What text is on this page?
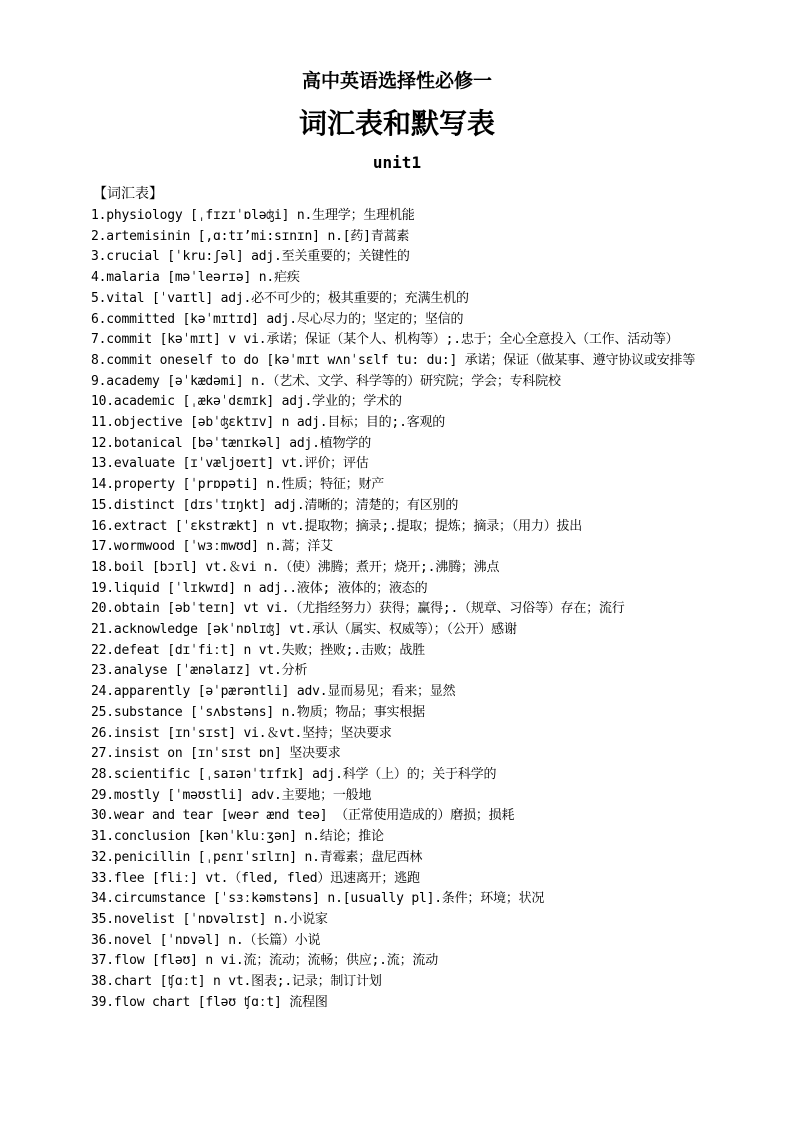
高中英语选择性必修一
词汇表和默写表
unit1
【词汇表】
1.physiology [ˌfɪzɪˈɒləʤi] n.生理学；生理机能
2.artemisinin [,ɑ:tɪ’mi:sɪnɪn] n.[药]青蒿素
3.crucial [ˈkru:ʃəl] adj.至关重要的；关键性的
4.malaria [məˈleərɪə] n.疟疾
5.vital [ˈvaɪtl] adj.必不可少的；极其重要的；充满生机的
6.committed [kəˈmɪtɪd] adj.尽心尽力的；坚定的；坚信的
7.commit [kəˈmɪt] v vi.承诺；保证（某个人、机构等）;.忠于；全心全意投入（工作、活动等）
8.commit oneself to do [kəˈmɪt wʌnˈsɛlf tu: du:] 承诺；保证（做某事、遵守协议或安排等
9.academy [əˈkædəmi] n.（艺术、文学、科学等的）研究院；学会；专科院校
10.academic [ˌækəˈdɛmɪk] adj.学业的；学术的
11.objective [əbˈʤɛktɪv] n adj.目标；目的;.客观的
12.botanical [bəˈtænɪkəl] adj.植物学的
13.evaluate [ɪˈvæljʊeɪt] vt.评价；评估
14.property [ˈprɒpəti] n.性质；特征；财产
15.distinct [dɪsˈtɪŋkt] adj.清晰的；清楚的；有区别的
16.extract [ˈɛkstrækt] n vt.提取物；摘录;.提取；提炼；摘录；（用力）拔出
17.wormwood [ˈwɜːmwʊd] n.蒿；洋艾
18.boil [bɔɪl] vt.＆vi n.（使）沸腾；煮开；烧开;.沸腾；沸点
19.liquid [ˈlɪkwɪd] n adj..液体; 液体的；液态的
20.obtain [əbˈteɪn] vt vi.（尤指经努力）获得；赢得;.（规章、习俗等）存在；流行
21.acknowledge [əkˈnɒlɪʤ] vt.承认（属实、权威等）；（公开）感谢
22.defeat [dɪˈfiːt] n vt.失败；挫败;.击败；战胜
23.analyse [ˈænəlaɪz] vt.分析
24.apparently [əˈpærəntli] adv.显而易见；看来；显然
25.substance [ˈsʌbstəns] n.物质；物品；事实根据
26.insist [ɪnˈsɪst] vi.＆vt.坚持；坚决要求
27.insist on [ɪnˈsɪst ɒn] 坚决要求
28.scientific [ˌsaɪənˈtɪfɪk] adj.科学（上）的；关于科学的
29.mostly [ˈməʊstli] adv.主要地；一般地
30.wear and tear [weər ænd teə] （正常使用造成的）磨损；损耗
31.conclusion [kənˈkluːʒən] n.结论；推论
32.penicillin [ˌpɛnɪˈsɪlɪn] n.青霉素；盘尼西林
33.flee [fliː] vt.（fled, fled）迅速离开；逃跑
34.circumstance [ˈsɜːkəmstəns] n.[usually pl].条件；环境；状况
35.novelist [ˈnɒvəlɪst] n.小说家
36.novel [ˈnɒvəl] n.（长篇）小说
37.flow [fləʊ] n vi.流；流动；流畅；供应;.流；流动
38.chart [ʧɑːt] n vt.图表;.记录；制订计划
39.flow chart [fləʊ ʧɑːt] 流程图
